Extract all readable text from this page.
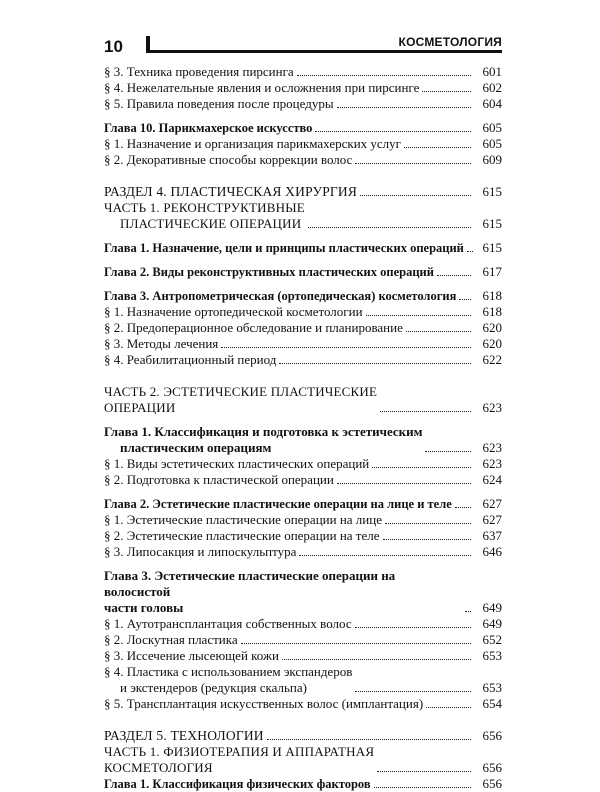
10	КОСМЕТОЛОГИЯ
§ 3. Техника проведения пирсинга	601
§ 4. Нежелательные явления и осложнения при пирсинге	602
§ 5. Правила поведения после процедуры	604
Глава 10. Парикмахерское искусство	605
§ 1. Назначение и организация парикмахерских услуг	605
§ 2. Декоративные способы коррекции волос	609
РАЗДЕЛ 4. ПЛАСТИЧЕСКАЯ ХИРУРГИЯ	615
ЧАСТЬ 1. РЕКОНСТРУКТИВНЫЕ
ПЛАСТИЧЕСКИЕ ОПЕРАЦИИ	615
Глава 1. Назначение, цели и принципы пластических операций	615
Глава 2. Виды реконструктивных пластических операций	617
Глава 3. Антропометрическая (ортопедическая) косметология	618
§ 1. Назначение ортопедической косметологии	618
§ 2. Предоперационное обследование и планирование	620
§ 3. Методы лечения	620
§ 4. Реабилитационный период	622
ЧАСТЬ 2. ЭСТЕТИЧЕСКИЕ ПЛАСТИЧЕСКИЕ
ОПЕРАЦИИ	623
Глава 1. Классификация и подготовка к эстетическим
пластическим операциям	623
§ 1. Виды эстетических пластических операций	623
§ 2. Подготовка к пластической операции	624
Глава 2. Эстетические пластические операции на лице и теле	627
§ 1. Эстетические пластические операции на лице	627
§ 2. Эстетические пластические операции на теле	637
§ 3. Липосакция и липоскульптура	646
Глава 3. Эстетические пластические операции на волосистой
части головы	649
§ 1. Аутотрансплантация собственных волос	649
§ 2. Лоскутная пластика	652
§ 3. Иссечение лысеющей кожи	653
§ 4. Пластика с использованием экспандеров
и экстендеров (редукция скальпа)	653
§ 5. Трансплантация искусственных волос (имплантация)	654
РАЗДЕЛ 5. ТЕХНОЛОГИИ	656
ЧАСТЬ 1. ФИЗИОТЕРАПИЯ И АППАРАТНАЯ
КОСМЕТОЛОГИЯ	656
Глава 1. Классификация физических факторов	656
